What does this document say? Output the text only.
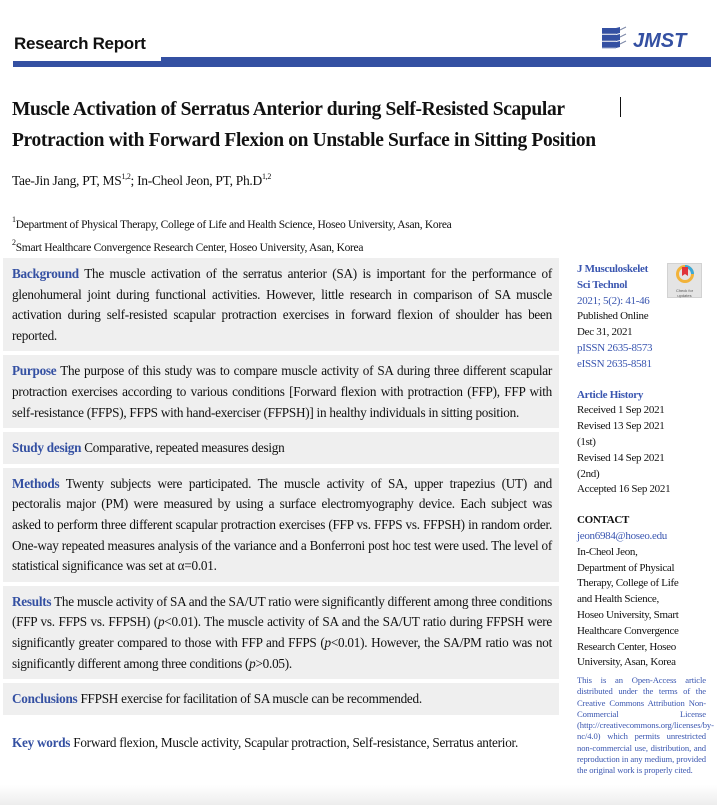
Research Report	JMST
Muscle Activation of Serratus Anterior during Self-Resisted Scapular
Protraction with Forward Flexion on Unstable Surface in Sitting Position
Tae-Jin Jang, PT, MS$^{1,2}$; In-Cheol Jeon, PT, $Ph.D^{1,2}$
$^1$Department of Physical Therapy, College of Life and Health Science, Hoseo University, Asan, Korea
$^2$Smart Healthcare Convergence Research Center, Hoseo University, Asan, Korea
Background The muscle activation of the serratus anterior (SA) is important for the performance of glenohumeral joint during functional activities. However, little research in comparison of SA muscle activation during self-resisted scapular protraction exercises in forward flexion of shoulder has been reported.
Purpose The purpose of this study was to compare muscle activity of SA during three different scapular protraction exercises according to various conditions [Forward flexion with protraction (FFP), FFP with self-resistance (FFPS), FFPS with hand-exerciser (FFPSH)] in healthy individuals in sitting position.
Study design Comparative, repeated measures design
Methods Twenty subjects were participated. The muscle activity of SA, upper trapezius (UT) and pectoralis major (PM) were measured by using a surface electromyography device. Each subject was asked to perform three different scapular protraction exercises (FFP vs. FFPS vs. FFPSH) in random order. One-way repeated measures analysis of the variance and a Bonferroni post hoc test were used. The level of statistical significance was set at α=0.01.
Results The muscle activity of SA and the SA/UT ratio were significantly different among three conditions (FFP vs. FFPS vs. FFPSH) (p<0.01). The muscle activity of SA and the SA/UT ratio during FFPSH were significantly greater compared to those with FFP and FFPS (p<0.01). However, the SA/PM ratio was not significantly different among three conditions (p>0.05).
Conclusions FFPSH exercise for facilitation of SA muscle can be recommended.
Key words Forward flexion, Muscle activity, Scapular protraction, Self-resistance, Serratus anterior.
J Musculoskelet
Sci Technol
2021; 5(2): 41-46
Published Online
Dec 31, 2021
pISSN 2635-8573
eISSN 2635-8581
Article History
Received 1 Sep 2021
Revised 13 Sep 2021
(1st)
Revised 14 Sep 2021
(2nd)
Accepted 16 Sep 2021
CONTACT
jeon6984@hoseo.edu
In-Cheol Jeon,
Department of Physical
Therapy, College of Life
and Health Science,
Hoseo University, Smart
Healthcare Convergence
Research Center, Hoseo
University, Asan, Korea
Check for updates
This is an Open-Access article distributed under the terms of the Creative Commons Attribution Non-Commercial License (http://creativecommons.org/licenses/by-nc/4.0) which permits unrestricted non-commercial use, distribution, and reproduction in any medium, provided the original work is properly cited.
